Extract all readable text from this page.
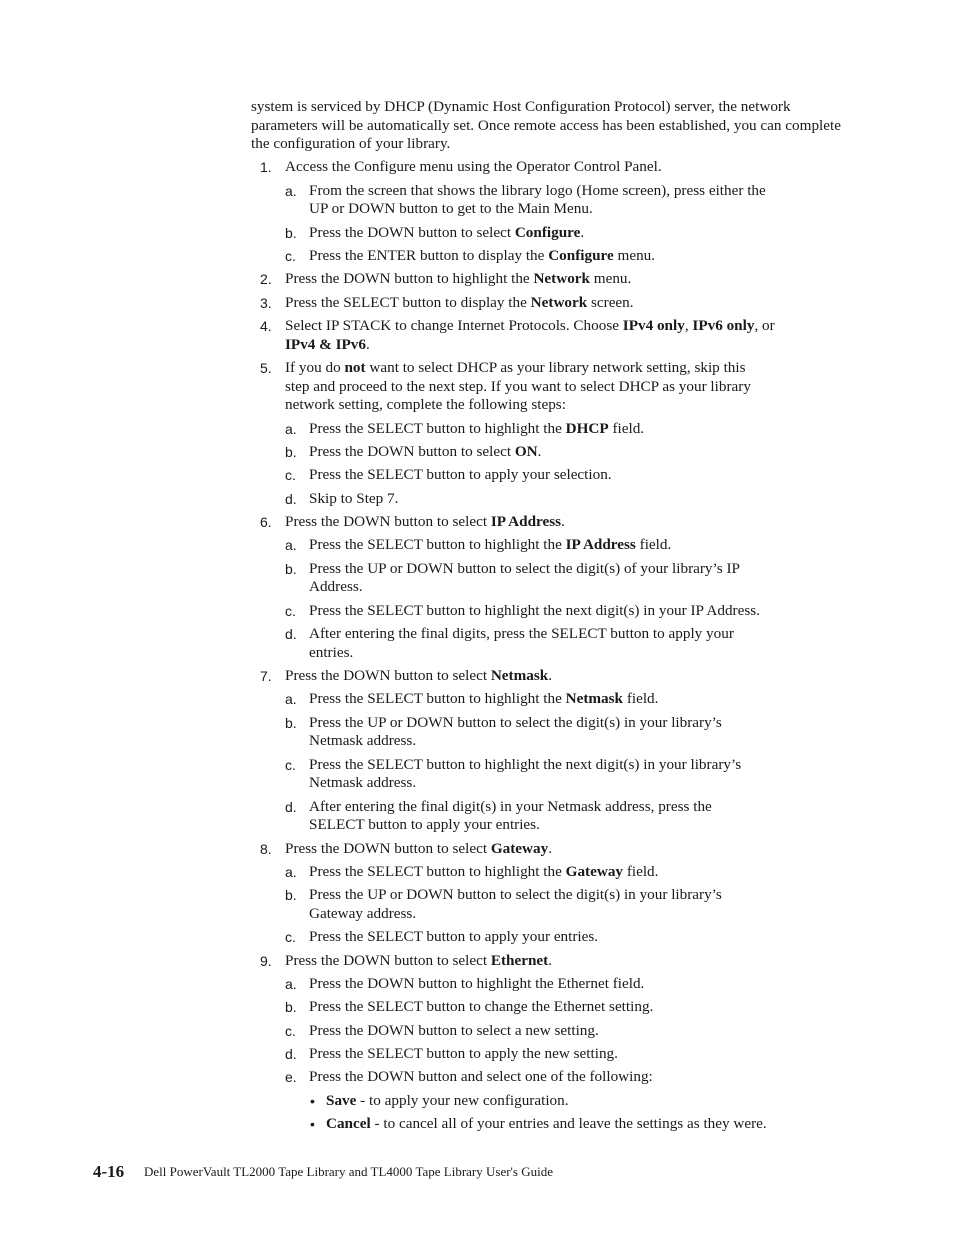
system is serviced by DHCP (Dynamic Host Configuration Protocol) server, the network parameters will be automatically set. Once remote access has been established, you can complete the configuration of your library.

1. Access the Configure menu using the Operator Control Panel.
a. From the screen that shows the library logo (Home screen), press either the
UP or DOWN button to get to the Main Menu.
b. Press the DOWN button to select Configure.
c. Press the ENTER button to display the Configure menu.
2. Press the DOWN button to highlight the Network menu.
3. Press the SELECT button to display the Network screen.
4. Select IP STACK to change Internet Protocols. Choose IPv4 only, IPv6 only, or
IPv4 & IPv6.
5. If you do not want to select DHCP as your library network setting, skip this
step and proceed to the next step. If you want to select DHCP as your library
network setting, complete the following steps:
a. Press the SELECT button to highlight the DHCP field.
b. Press the DOWN button to select ON.
c. Press the SELECT button to apply your selection.
d. Skip to Step 7.
6. Press the DOWN button to select IP Address.
a. Press the SELECT button to highlight the IP Address field.
b. Press the UP or DOWN button to select the digit(s) of your library’s IP
Address.
c. Press the SELECT button to highlight the next digit(s) in your IP Address.
d. After entering the final digits, press the SELECT button to apply your
entries.
7. Press the DOWN button to select Netmask.
a. Press the SELECT button to highlight the Netmask field.
b. Press the UP or DOWN button to select the digit(s) in your library’s
Netmask address.
c. Press the SELECT button to highlight the next digit(s) in your library’s
Netmask address.
d. After entering the final digit(s) in your Netmask address, press the
SELECT button to apply your entries.
8. Press the DOWN button to select Gateway.
a. Press the SELECT button to highlight the Gateway field.
b. Press the UP or DOWN button to select the digit(s) in your library’s
Gateway address.
c. Press the SELECT button to apply your entries.
9. Press the DOWN button to select Ethernet.
a. Press the DOWN button to highlight the Ethernet field.
b. Press the SELECT button to change the Ethernet setting.
c. Press the DOWN button to select a new setting.
d. Press the SELECT button to apply the new setting.
e. Press the DOWN button and select one of the following:
• Save - to apply your new configuration.
• Cancel - to cancel all of your entries and leave the settings as they were.
4-16 Dell PowerVault TL2000 Tape Library and TL4000 Tape Library User's Guide
